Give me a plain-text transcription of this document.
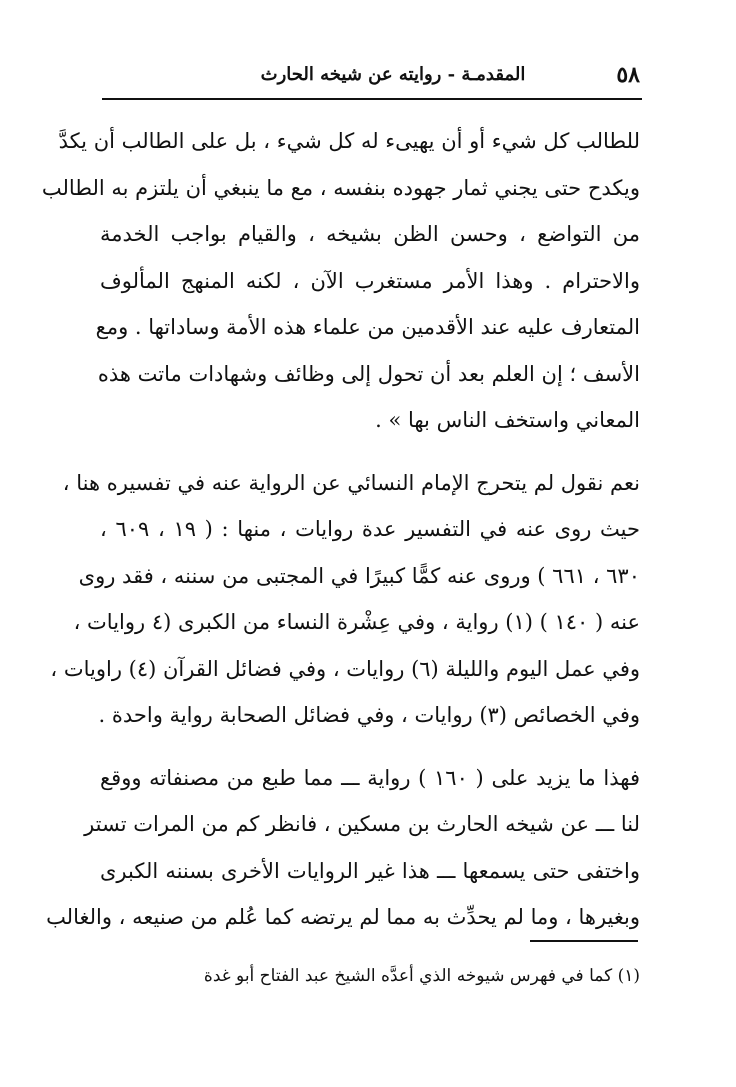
٥٨
المقدمـة - روايته عن شيخه الحارث

للطالب كل شيء أو أن يهيىء له كل شيء ، بل على الطالب أن يكدَّ
ويكدح حتى يجني ثمار جهوده بنفسه ، مع ما ينبغي أن يلتزم به الطالب
من التواضع ، وحسن الظن بشيخه ، والقيام بواجب الخدمة
والاحترام . وهذا الأمر مستغرب الآن ، لكنه المنهج المألوف
المتعارف عليه عند الأقدمين من علماء هذه الأمة وساداتها . ومع
الأسف ؛ إن العلم بعد أن تحول إلى وظائف وشهادات ماتت هذه
المعاني واستخف الناس بها » .

نعم نقول لم يتحرج الإمام النسائي عن الرواية عنه في تفسيره هنا ،
حيث روى عنه في التفسير عدة روايات ، منها : ( ١٩ ، ٦٠٩ ،
٦٣٠ ، ٦٦١ ) وروى عنه كمًّا كبيرًا في المجتبى من سننه ، فقد روى
عنه ( ١٤٠ ) (١) رواية ، وفي عِشْرة النساء من الكبرى (٤ روايات ،
وفي عمل اليوم والليلة (٦) روايات ، وفي فضائل القرآن (٤) راويات ،
وفي الخصائص (٣) روايات ، وفي فضائل الصحابة رواية واحدة .

فهذا ما يزيد على ( ١٦٠ ) رواية ـــ مما طبع من مصنفاته ووقع
لنا ـــ عن شيخه الحارث بن مسكين ، فانظر كم من المرات تستر
واختفى حتى يسمعها ـــ هذا غير الروايات الأخرى بسننه الكبرى
وبغيرها ، وما لم يحدِّث به مما لم يرتضه كما عُلم من صنيعه ، والغالب

(١) كما في فهرس شيوخه الذي أعدَّه الشيخ عبد الفتاح أبو غدة
